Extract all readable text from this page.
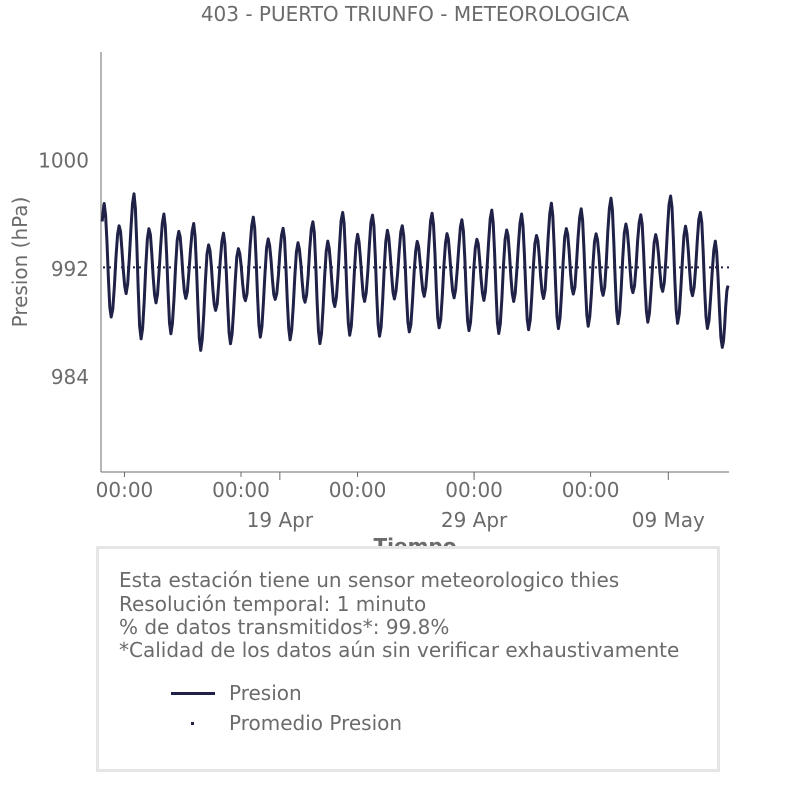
403 - PUERTO TRIUNFO - METEOROLOGICA
1000
992
984
00:00	00:00	00:00	00:00	00:00
19 Apr	29 Apr	09 May
Presion (hPa)
Esta estación tiene un sensor meteorologico thies
Resolución temporal: 1 minuto
% de datos transmitidos*: 99.8%
*Calidad de los datos aún sin verificar exhaustivamente
Presion
Promedio Presion
